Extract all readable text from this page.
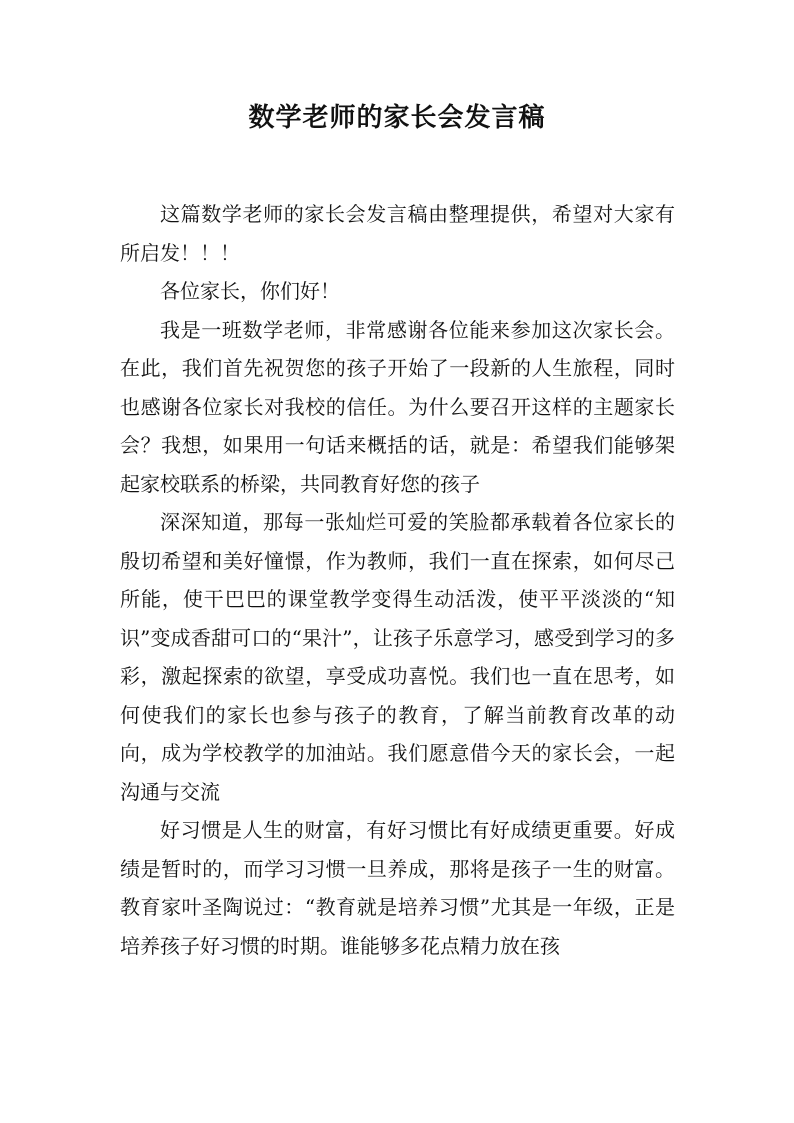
数学老师的家长会发言稿

这篇数学老师的家长会发言稿由整理提供，希望对大家有所启发！！！

各位家长，你们好！

我是一班数学老师，非常感谢各位能来参加这次家长会。在此，我们首先祝贺您的孩子开始了一段新的人生旅程，同时也感谢各位家长对我校的信任。为什么要召开这样的主题家长会？我想，如果用一句话来概括的话，就是：希望我们能够架起家校联系的桥梁，共同教育好您的孩子

深深知道，那每一张灿烂可爱的笑脸都承载着各位家长的殷切希望和美好憧憬，作为教师，我们一直在探索，如何尽己所能，使干巴巴的课堂教学变得生动活泼，使平平淡淡的“知识”变成香甜可口的“果汁”，让孩子乐意学习，感受到学习的多彩，激起探索的欲望，享受成功喜悦。我们也一直在思考，如何使我们的家长也参与孩子的教育，了解当前教育改革的动向，成为学校教学的加油站。我们愿意借今天的家长会，一起沟通与交流

好习惯是人生的财富，有好习惯比有好成绩更重要。好成绩是暂时的，而学习习惯一旦养成，那将是孩子一生的财富。教育家叶圣陶说过：“教育就是培养习惯”尤其是一年级，正是培养孩子好习惯的时期。谁能够多花点精力放在孩
